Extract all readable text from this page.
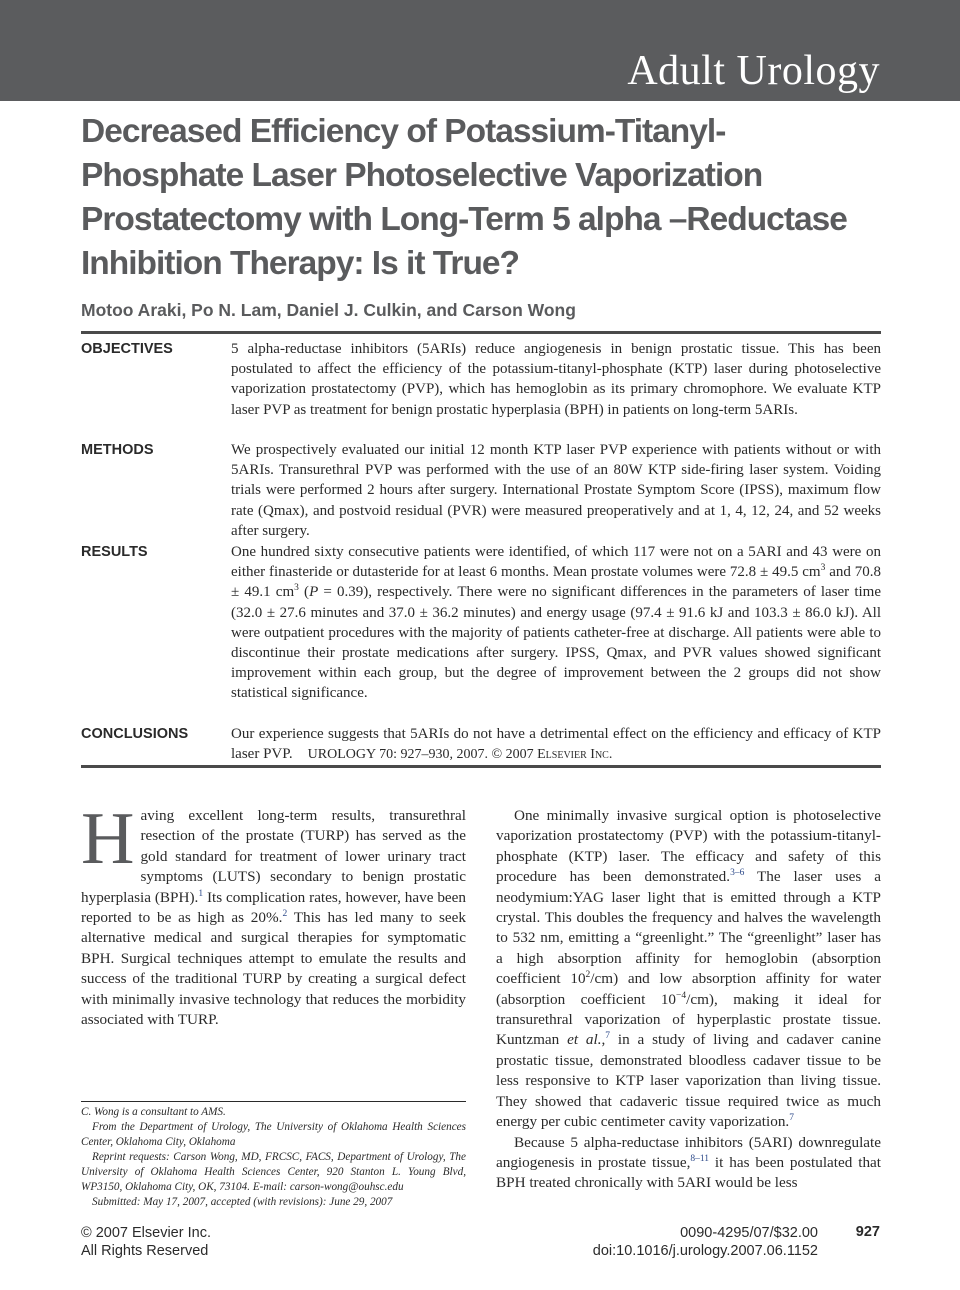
Adult Urology
Decreased Efficiency of Potassium-Titanyl-Phosphate Laser Photoselective Vaporization Prostatectomy with Long-Term 5 alpha –Reductase Inhibition Therapy: Is it True?
Motoo Araki, Po N. Lam, Daniel J. Culkin, and Carson Wong
OBJECTIVES	5 alpha-reductase inhibitors (5ARIs) reduce angiogenesis in benign prostatic tissue. This has been postulated to affect the efficiency of the potassium-titanyl-phosphate (KTP) laser during photoselective vaporization prostatectomy (PVP), which has hemoglobin as its primary chromophore. We evaluate KTP laser PVP as treatment for benign prostatic hyperplasia (BPH) in patients on long-term 5ARIs.

METHODS	We prospectively evaluated our initial 12 month KTP laser PVP experience with patients without or with 5ARIs. Transurethral PVP was performed with the use of an 80W KTP side-firing laser system. Voiding trials were performed 2 hours after surgery. International Prostate Symptom Score (IPSS), maximum flow rate (Qmax), and postvoid residual (PVR) were measured preoperatively and at 1, 4, 12, 24, and 52 weeks after surgery.

RESULTS	One hundred sixty consecutive patients were identified, of which 117 were not on a 5ARI and 43 were on either finasteride or dutasteride for at least 6 months. Mean prostate volumes were 72.8 ± 49.5 $cm^3$ and 70.8 ± 49.1 $cm^3$ (P = 0.39), respectively. There were no significant differences in the parameters of laser time (32.0 ± 27.6 minutes and 37.0 ± 36.2 minutes) and energy usage (97.4 ± 91.6 kJ and 103.3 ± 86.0 kJ). All were outpatient procedures with the majority of patients catheter-free at discharge. All patients were able to discontinue their prostate medications after surgery. IPSS, Qmax, and PVR values showed significant improvement within each group, but the degree of improvement between the 2 groups did not show statistical significance.

CONCLUSIONS	Our experience suggests that 5ARIs do not have a detrimental effect on the efficiency and efficacy of KTP laser PVP. UROLOGY 70: 927–930, 2007. © 2007 Elsevier Inc.

Having excellent long-term results, transurethral resection of the prostate (TURP) has served as the gold standard for treatment of lower urinary tract symptoms (LUTS) secondary to benign prostatic hyperplasia (BPH).$^1$ Its complication rates, however, have been reported to be as high as 20%.$^2$ This has led many to seek alternative medical and surgical therapies for symptomatic BPH. Surgical techniques attempt to emulate the results and success of the traditional TURP by creating a surgical defect with minimally invasive technology that reduces the morbidity associated with TURP.

One minimally invasive surgical option is photoselective vaporization prostatectomy (PVP) with the potassium-titanyl-phosphate (KTP) laser. The efficacy and safety of this procedure has been demonstrated.$^{3-6}$ The laser uses a neodymium:YAG laser light that is emitted through a KTP crystal. This doubles the frequency and halves the wavelength to 532 nm, emitting a “greenlight.” The “greenlight” laser has a high absorption affinity for hemoglobin (absorption coefficient $10^2/cm$) and low absorption affinity for water (absorption coefficient $10^{-4}/cm$), making it ideal for transurethral vaporization of hyperplastic prostate tissue. Kuntzman et al.,$^7$ in a study of living and cadaver canine prostatic tissue, demonstrated bloodless cadaver tissue to be less responsive to KTP laser vaporization than living tissue. They showed that cadaveric tissue required twice as much energy per cubic centimeter cavity vaporization.$^7$

Because 5 alpha-reductase inhibitors (5ARI) downregulate angiogenesis in prostate tissue,$^{8-11}$ it has been postulated that BPH treated chronically with 5ARI would be less

C. Wong is a consultant to AMS.

From the Department of Urology, The University of Oklahoma Health Sciences Center, Oklahoma City, Oklahoma

Reprint requests: Carson Wong, MD, FRCSC, FACS, Department of Urology, The University of Oklahoma Health Sciences Center, 920 Stanton L. Young Blvd, WP3150, Oklahoma City, OK, 73104. E-mail: carson-wong@ouhsc.edu

Submitted: May 17, 2007, accepted (with revisions): June 29, 2007

© 2007 Elsevier Inc.
All Rights Reserved
0090-4295/07/$32.00
doi:10.1016/j.urology.2007.06.1152
927
